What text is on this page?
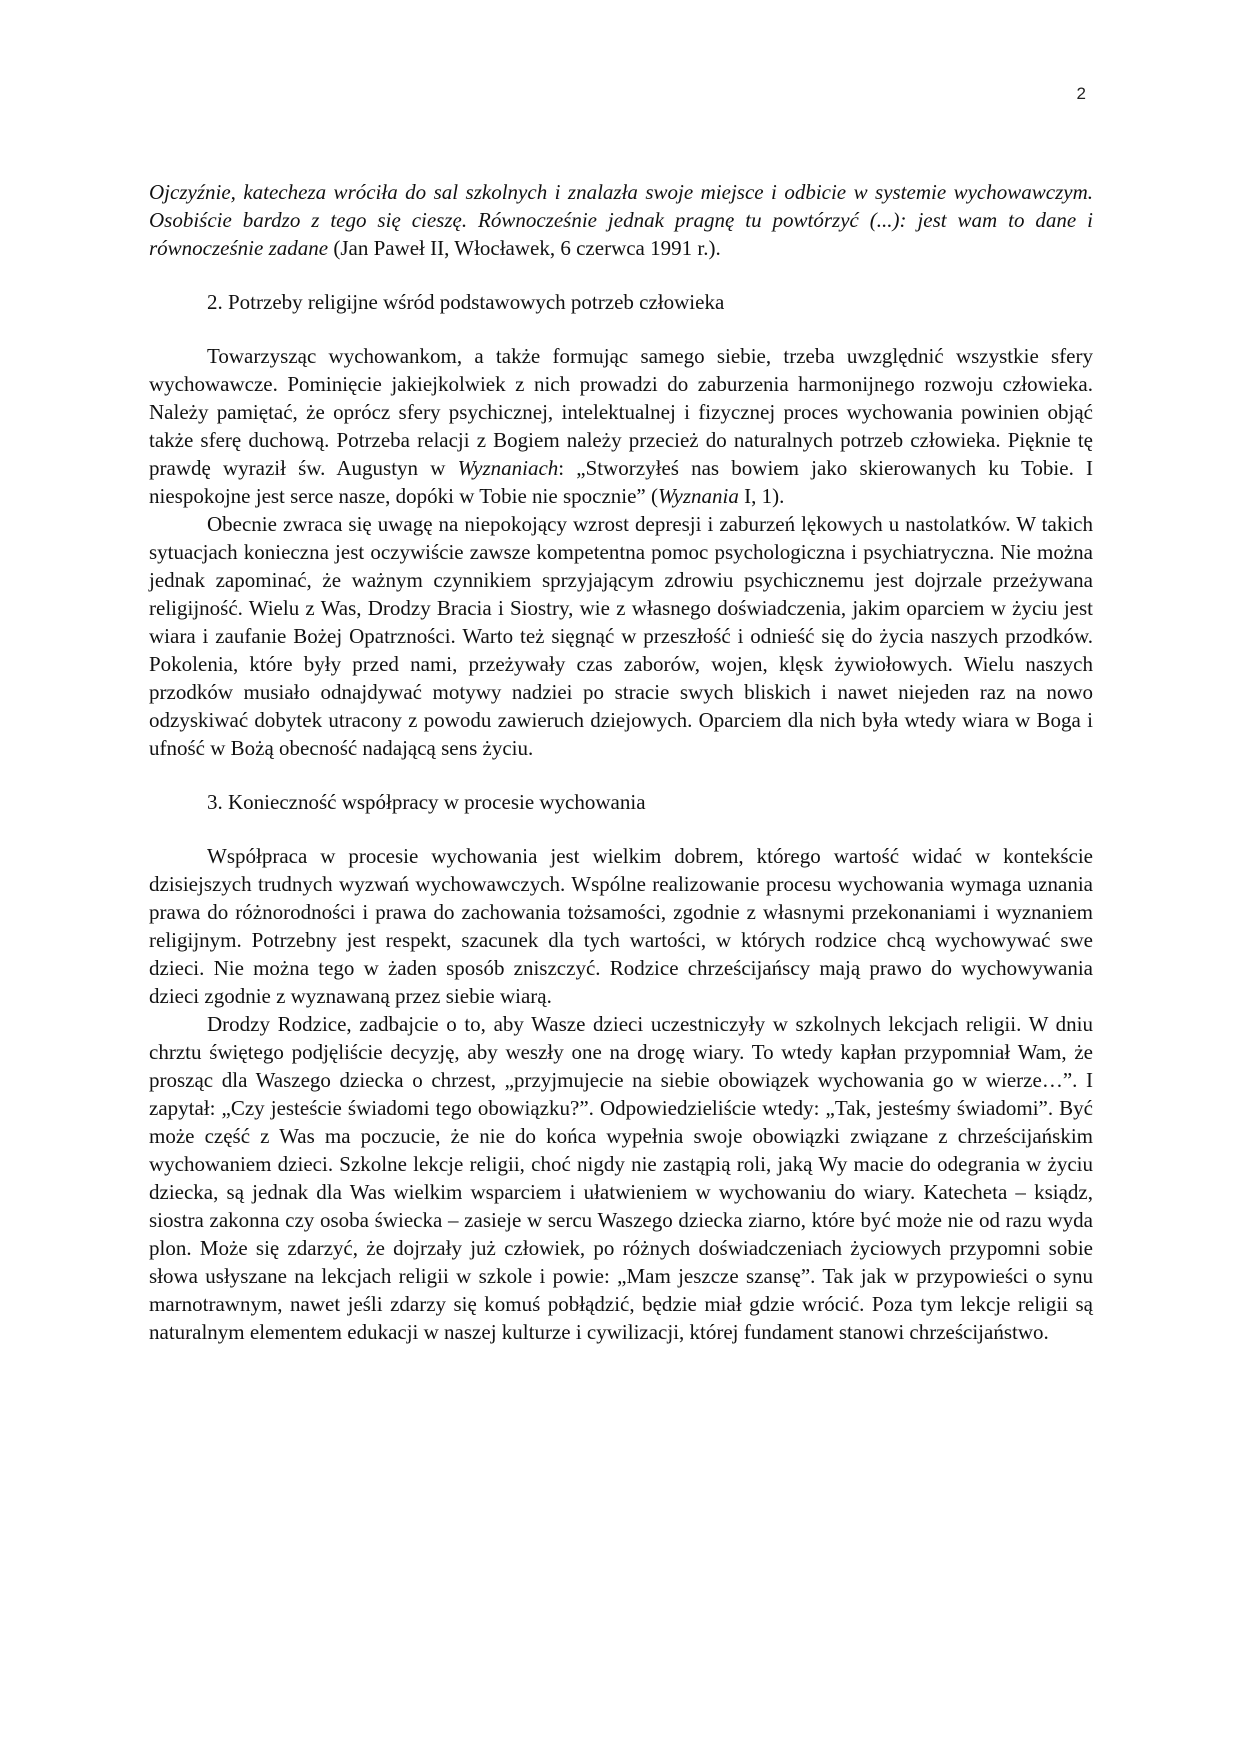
2

Ojczyźnie, katecheza wróciła do sal szkolnych i znalazła swoje miejsce i odbicie w systemie wychowawczym. Osobiście bardzo z tego się cieszę. Równocześnie jednak pragnę tu powtórzyć (...): jest wam to dane i równocześnie zadane (Jan Paweł II, Włocławek, 6 czerwca 1991 r.).

2. Potrzeby religijne wśród podstawowych potrzeb człowieka

Towarzysząc wychowankom, a także formując samego siebie, trzeba uwzględnić wszystkie sfery wychowawcze. Pominięcie jakiejkolwiek z nich prowadzi do zaburzenia harmonijnego rozwoju człowieka. Należy pamiętać, że oprócz sfery psychicznej, intelektualnej i fizycznej proces wychowania powinien objąć także sferę duchową. Potrzeba relacji z Bogiem należy przecież do naturalnych potrzeb człowieka. Pięknie tę prawdę wyraził św. Augustyn w Wyznaniach: „Stworzyłeś nas bowiem jako skierowanych ku Tobie. I niespokojne jest serce nasze, dopóki w Tobie nie spocznie” (Wyznania I, 1).

Obecnie zwraca się uwagę na niepokojący wzrost depresji i zaburzeń lękowych u nastolatków. W takich sytuacjach konieczna jest oczywiście zawsze kompetentna pomoc psychologiczna i psychiatryczna. Nie można jednak zapominać, że ważnym czynnikiem sprzyjającym zdrowiu psychicznemu jest dojrzale przeżywana religijność. Wielu z Was, Drodzy Bracia i Siostry, wie z własnego doświadczenia, jakim oparciem w życiu jest wiara i zaufanie Bożej Opatrzności. Warto też sięgnąć w przeszłość i odnieść się do życia naszych przodków. Pokolenia, które były przed nami, przeżywały czas zaborów, wojen, klęsk żywiołowych. Wielu naszych przodków musiało odnajdywać motywy nadziei po stracie swych bliskich i nawet niejeden raz na nowo odzyskiwać dobytek utracony z powodu zawieruch dziejowych. Oparciem dla nich była wtedy wiara w Boga i ufność w Bożą obecność nadającą sens życiu.

3. Konieczność współpracy w procesie wychowania

Współpraca w procesie wychowania jest wielkim dobrem, którego wartość widać w kontekście dzisiejszych trudnych wyzwań wychowawczych. Wspólne realizowanie procesu wychowania wymaga uznania prawa do różnorodności i prawa do zachowania tożsamości, zgodnie z własnymi przekonaniami i wyznaniem religijnym. Potrzebny jest respekt, szacunek dla tych wartości, w których rodzice chcą wychowywać swe dzieci. Nie można tego w żaden sposób zniszczyć. Rodzice chrześcijańscy mają prawo do wychowywania dzieci zgodnie z wyznawaną przez siebie wiarą.

Drodzy Rodzice, zadbajcie o to, aby Wasze dzieci uczestniczyły w szkolnych lekcjach religii. W dniu chrztu świętego podjęliście decyzję, aby weszły one na drogę wiary. To wtedy kapłan przypomniał Wam, że prosząc dla Waszego dziecka o chrzest, „przyjmujecie na siebie obowiązek wychowania go w wierze…”. I zapytał: „Czy jesteście świadomi tego obowiązku?”. Odpowiedzieliście wtedy: „Tak, jesteśmy świadomi”. Być może część z Was ma poczucie, że nie do końca wypełnia swoje obowiązki związane z chrześcijańskim wychowaniem dzieci. Szkolne lekcje religii, choć nigdy nie zastąpią roli, jaką Wy macie do odegrania w życiu dziecka, są jednak dla Was wielkim wsparciem i ułatwieniem w wychowaniu do wiary. Katecheta – ksiądz, siostra zakonna czy osoba świecka – zasieje w sercu Waszego dziecka ziarno, które być może nie od razu wyda plon. Może się zdarzyć, że dojrzały już człowiek, po różnych doświadczeniach życiowych przypomni sobie słowa usłyszane na lekcjach religii w szkole i powie: „Mam jeszcze szansę”. Tak jak w przypowieści o synu marnotrawnym, nawet jeśli zdarzy się komuś pobłądzić, będzie miał gdzie wrócić. Poza tym lekcje religii są naturalnym elementem edukacji w naszej kulturze i cywilizacji, której fundament stanowi chrześcijaństwo.
